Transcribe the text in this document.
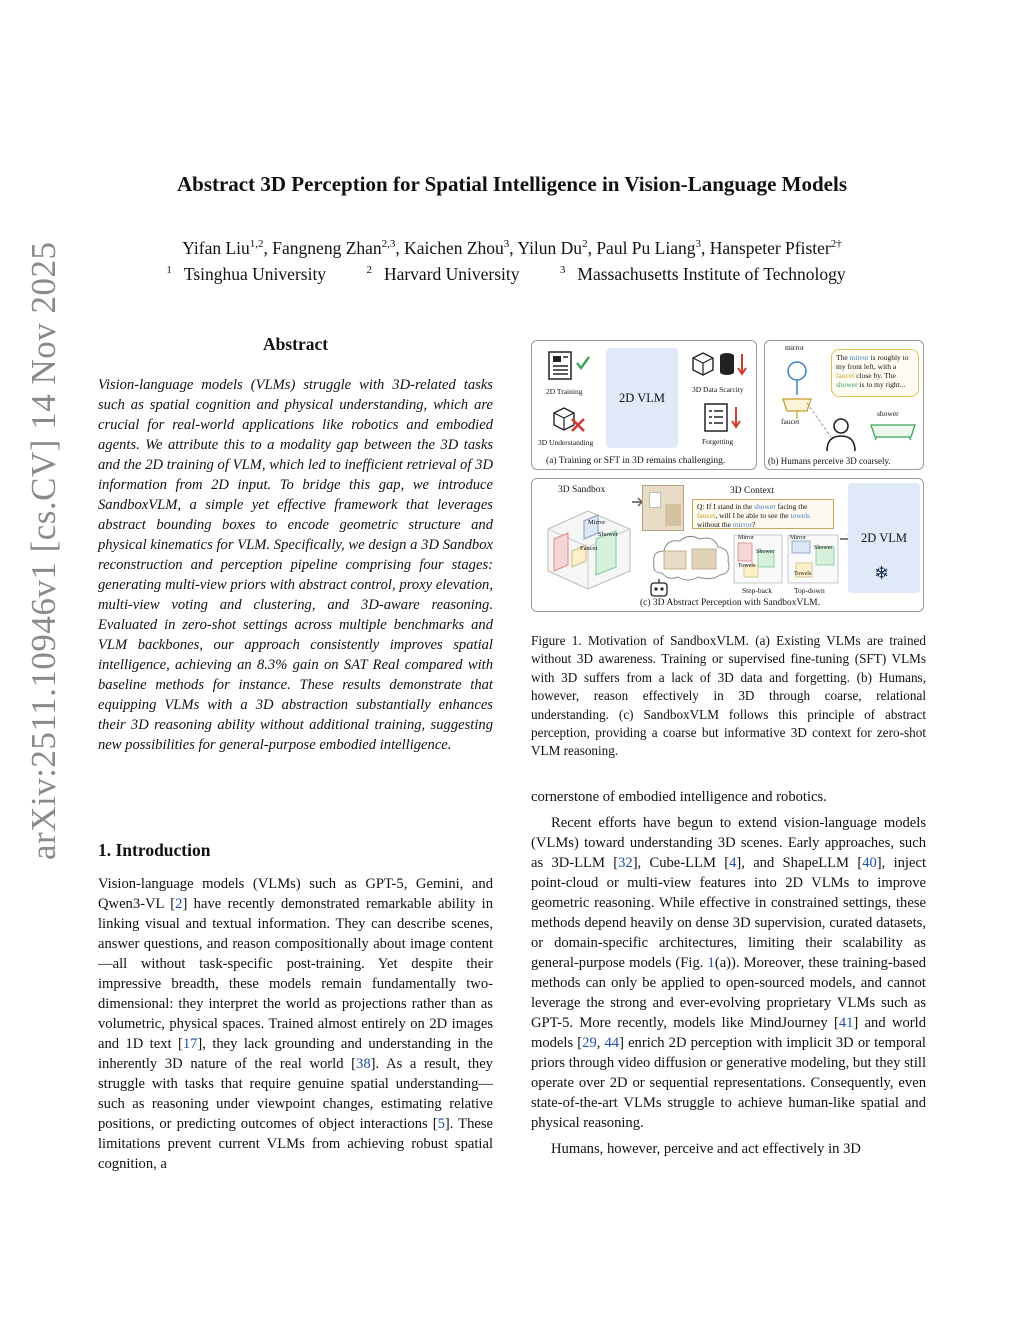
arXiv:2511.10946v1 [cs.CV] 14 Nov 2025
Abstract 3D Perception for Spatial Intelligence in Vision-Language Models
Yifan Liu$^{1,2}$, Fangneng Zhan$^{2,3}$, Kaichen Zhou$^3$, Yilun Du$^2$, Paul Pu Liang$^3$, Hanspeter Pfister$^{2\dagger}$
$^1$ Tsinghua University	$^2$ Harvard University	$^3$ Massachusetts Institute of Technology
Abstract
Vision-language models (VLMs) struggle with 3D-related tasks such as spatial cognition and physical understanding, which are crucial for real-world applications like robotics and embodied agents. We attribute this to a modality gap between the 3D tasks and the 2D training of VLM, which led to inefficient retrieval of 3D information from 2D input. To bridge this gap, we introduce SandboxVLM, a simple yet effective framework that leverages abstract bounding boxes to encode geometric structure and physical kinematics for VLM. Specifically, we design a 3D Sandbox reconstruction and perception pipeline comprising four stages: generating multi-view priors with abstract control, proxy elevation, multi-view voting and clustering, and 3D-aware reasoning. Evaluated in zero-shot settings across multiple benchmarks and VLM backbones, our approach consistently improves spatial intelligence, achieving an 8.3% gain on SAT Real compared with baseline methods for instance. These results demonstrate that equipping VLMs with a 3D abstraction substantially enhances their 3D reasoning ability without additional training, suggesting new possibilities for general-purpose embodied intelligence.
1. Introduction

Vision-language models (VLMs) such as GPT-5, Gemini, and Qwen3-VL [2] have recently demonstrated remarkable ability in linking visual and textual information. They can describe scenes, answer questions, and reason compositionally about image content—all without task-specific post-training. Yet despite their impressive breadth, these models remain fundamentally two-dimensional: they interpret the world as projections rather than as volumetric, physical spaces. Trained almost entirely on 2D images and 1D text [17], they lack grounding and understanding in the inherently 3D nature of the real world [38]. As a result, they struggle with tasks that require genuine spatial understanding—such as reasoning under viewpoint changes, estimating relative positions, or predicting outcomes of object interactions [5]. These limitations prevent current VLMs from achieving robust spatial cognition, a

2D Training
3D Understanding
2D VLM
3D Data Scarcity
Forgetting
(a) Training or SFT in 3D remains challenging.
mirror
faucet
The mirror is roughly to my front left, with a faucet close by. The shower is to my right...
shower
(b) Humans perceive 3D coarsely.
3D Sandbox
Mirror
Shower
Faucet
3D Context
Q: If I stand in the shower facing the faucet, will I be able to see the towels without the mirror?
Mirror
Shower
Towels
Mirror
Shower
Towels
Step-back	Top-down
2D VLM
❄
(c) 3D Abstract Perception with SandboxVLM.

Figure 1. Motivation of SandboxVLM. (a) Existing VLMs are trained without 3D awareness. Training or supervised fine-tuning (SFT) VLMs with 3D suffers from a lack of 3D data and forgetting. (b) Humans, however, reason effectively in 3D through coarse, relational understanding. (c) SandboxVLM follows this principle of abstract perception, providing a coarse but informative 3D context for zero-shot VLM reasoning.

cornerstone of embodied intelligence and robotics.

Recent efforts have begun to extend vision-language models (VLMs) toward understanding 3D scenes. Early approaches, such as 3D-LLM [32], Cube-LLM [4], and ShapeLLM [40], inject point-cloud or multi-view features into 2D VLMs to improve geometric reasoning. While effective in constrained settings, these methods depend heavily on dense 3D supervision, curated datasets, or domain-specific architectures, limiting their scalability as general-purpose models (Fig. 1(a)). Moreover, these training-based methods can only be applied to open-sourced models, and cannot leverage the strong and ever-evolving proprietary VLMs such as GPT-5. More recently, models like MindJourney [41] and world models [29, 44] enrich 2D perception with implicit 3D or temporal priors through video diffusion or generative modeling, but they still operate over 2D or sequential representations. Consequently, even state-of-the-art VLMs struggle to achieve human-like spatial and physical reasoning.

Humans, however, perceive and act effectively in 3D
